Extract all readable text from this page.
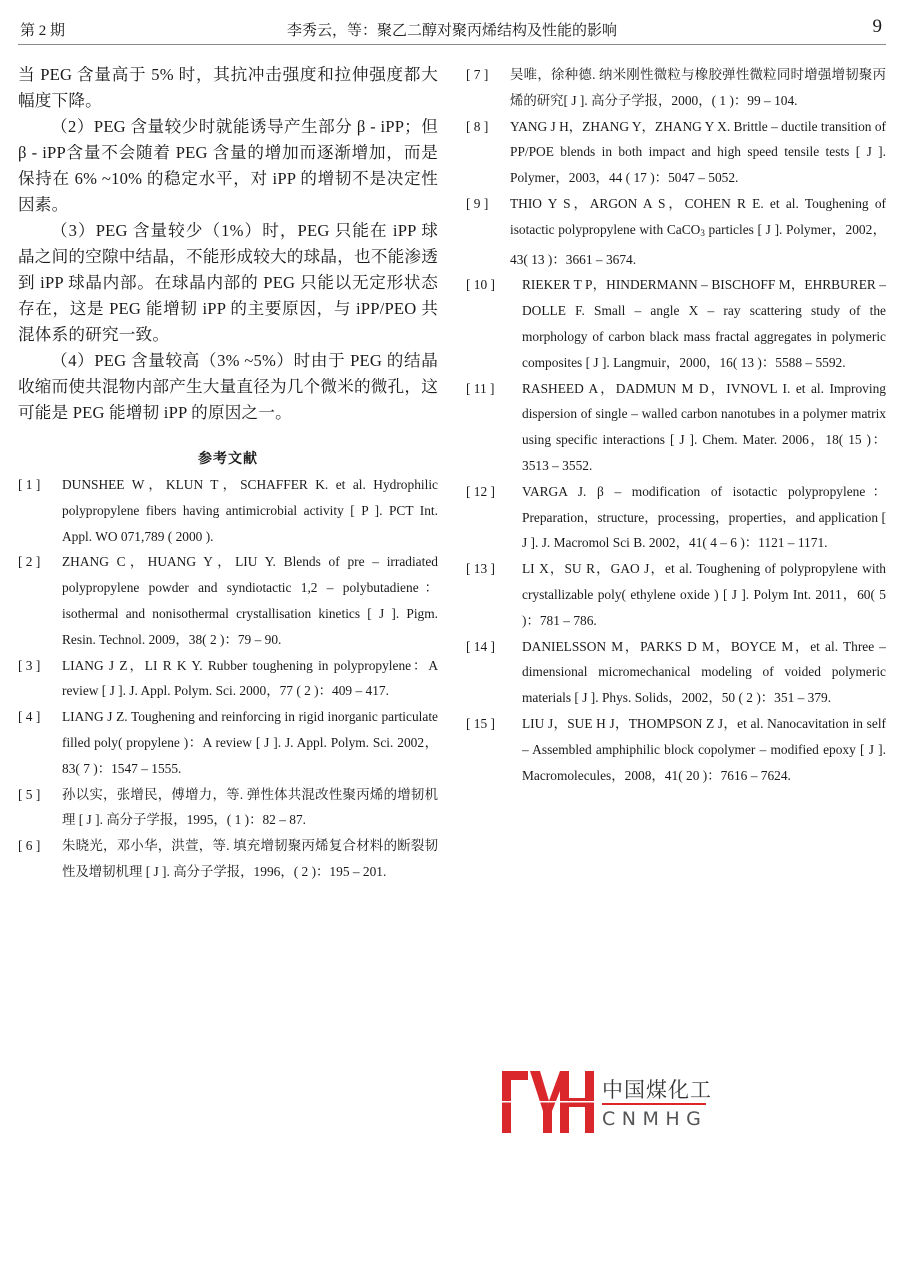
第 2 期	李秀云，等：聚乙二醇对聚丙烯结构及性能的影响	9

当 PEG 含量高于 5% 时，其抗冲击强度和拉伸强度都大幅度下降。

（2）PEG 含量较少时就能诱导产生部分 β - iPP；但β - iPP含量不会随着 PEG 含量的增加而逐渐增加，而是保持在 6% ~10% 的稳定水平，对 iPP 的增韧不是决定性因素。

（3）PEG 含量较少（1%）时，PEG 只能在 iPP 球晶之间的空隙中结晶，不能形成较大的球晶，也不能渗透到 iPP 球晶内部。在球晶内部的 PEG 只能以无定形状态存在，这是 PEG 能增韧 iPP 的主要原因，与 iPP/PEO 共混体系的研究一致。

（4）PEG 含量较高（3% ~5%）时由于 PEG 的结晶收缩而使共混物内部产生大量直径为几个微米的微孔，这可能是 PEG 能增韧 iPP 的原因之一。

参考文献
[ 1 ]	DUNSHEE W，KLUN T，SCHAFFER K. et al. Hydrophilic polypropylene fibers having antimicrobial activity [ P ]. PCT Int. Appl. WO 071,789 ( 2000 ).
[ 2 ]	ZHANG C，HUANG Y，LIU Y. Blends of pre – irradiated polypropylene powder and syndiotactic 1,2 – polybutadiene：isothermal and nonisothermal crystallisation kinetics [ J ]. Pigm. Resin. Technol. 2009，38( 2 )：79 – 90.
[ 3 ]	LIANG J Z，LI R K Y. Rubber toughening in polypropylene：A review [ J ]. J. Appl. Polym. Sci. 2000，77 ( 2 )：409 – 417.
[ 4 ]	LIANG J Z. Toughening and reinforcing in rigid inorganic particulate filled poly( propylene )：A review [ J ]. J. Appl. Polym. Sci. 2002，83( 7 )：1547 – 1555.
[ 5 ]	孙以实，张增民，傅增力，等. 弹性体共混改性聚丙烯的增韧机理 [ J ]. 高分子学报，1995，( 1 )：82 – 87.
[ 6 ]	朱晓光，邓小华，洪萱，等. 填充增韧聚丙烯复合材料的断裂韧性及增韧机理 [ J ]. 高分子学报，1996，( 2 )：195 – 201.
[ 7 ]	吴唯，徐种德. 纳米刚性微粒与橡胶弹性微粒同时增强增韧聚丙烯的研究[ J ]. 高分子学报，2000，( 1 )：99 – 104.
[ 8 ]	YANG J H，ZHANG Y，ZHANG Y X. Brittle – ductile transition of PP/POE blends in both impact and high speed tensile tests [ J ]. Polymer，2003，44 ( 17 )：5047 – 5052.
[ 9 ]	THIO Y S，ARGON A S，COHEN R E. et al. Toughening of isotactic polypropylene with CaCO$_3$ particles [ J ]. Polymer，2002，43( 13 )：3661 – 3674.
[ 10 ]	RIEKER T P，HINDERMANN – BISCHOFF M，EHRBURER – DOLLE F. Small – angle X – ray scattering study of the morphology of carbon black mass fractal aggregates in polymeric composites [ J ]. Langmuir，2000，16( 13 )：5588 – 5592.
[ 11 ]	RASHEED A，DADMUN M D，IVNOVL I. et al. Improving dispersion of single – walled carbon nanotubes in a polymer matrix using specific interactions [ J ]. Chem. Mater. 2006，18( 15 )：3513 – 3552.
[ 12 ]	VARGA J. β – modification of isotactic polypropylene：Preparation，structure，processing，properties，and application [ J ]. J. Macromol Sci B. 2002，41( 4 – 6 )：1121 – 1171.
[ 13 ]	LI X，SU R，GAO J，et al. Toughening of polypropylene with crystallizable poly( ethylene oxide ) [ J ]. Polym Int. 2011，60( 5 )：781 – 786.
[ 14 ]	DANIELSSON M，PARKS D M，BOYCE M，et al. Three – dimensional micromechanical modeling of voided polymeric materials [ J ]. Phys. Solids，2002，50 ( 2 )：351 – 379.
[ 15 ]	LIU J，SUE H J，THOMPSON Z J，et al. Nanocavitation in self – Assembled amphiphilic block copolymer – modified epoxy [ J ]. Macromolecules，2008，41( 20 )：7616 – 7624.
中国煤化工
CNMHG
